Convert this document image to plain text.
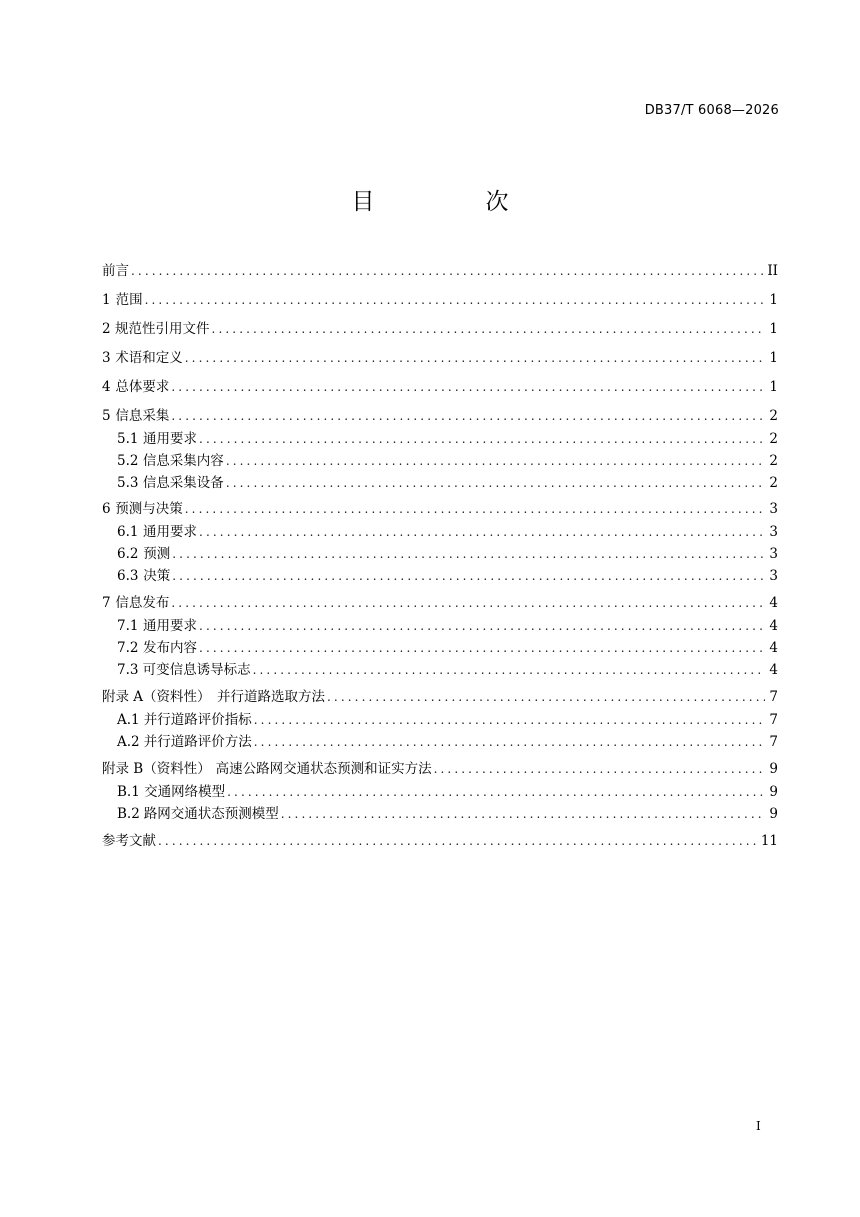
DB37/T 6068—2026
目　次
前言 .....	II
1 范围 .....	1
2 规范性引用文件 .....	1
3 术语和定义 .....	1
4 总体要求 .....	1
5 信息采集 .....	2
5.1 通用要求 .....	2
5.2 信息采集内容 .....	2
5.3 信息采集设备 .....	2
6 预测与决策 .....	3
6.1 通用要求 .....	3
6.2 预测 .....	3
6.3 决策 .....	3
7 信息发布 .....	4
7.1 通用要求 .....	4
7.2 发布内容 .....	4
7.3 可变信息诱导标志 .....	4
附录 A（资料性） 并行道路选取方法 .....	7
A.1 并行道路评价指标 .....	7
A.2 并行道路评价方法 .....	7
附录 B（资料性） 高速公路网交通状态预测和证实方法 .....	9
B.1 交通网络模型 .....	9
B.2 路网交通状态预测模型 .....	9
参考文献 .....	11
I
